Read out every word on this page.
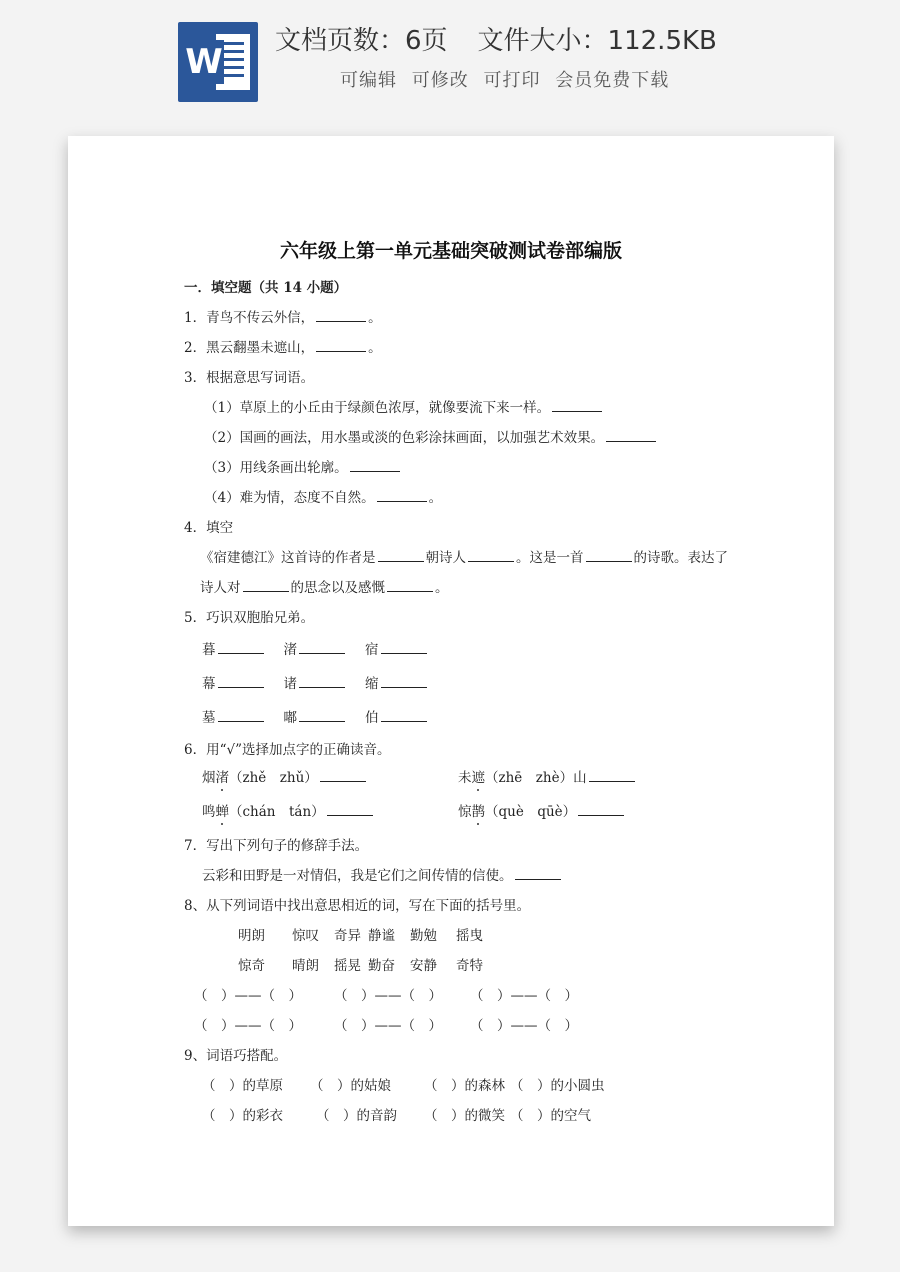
W
文档页数：6页 文件大小：112.5KB
可编辑 可修改 可打印 会员免费下载
六年级上第一单元基础突破测试卷部编版
一．填空题（共 14 小题）
1．青鸟不传云外信，	。
2．黑云翻墨未遮山，	。
3．根据意思写词语。
（1）草原上的小丘由于绿颜色浓厚，就像要流下来一样。
（2）国画的画法，用水墨或淡的色彩涂抹画面，以加强艺术效果。
（3）用线条画出轮廓。
（4）难为情，态度不自然。	。
4．填空
《宿建德江》这首诗的作者是	朝诗人	。这是一首	的诗歌。表达了
诗人对	的思念以及感慨	。
5．巧识双胞胎兄弟。
暮	渚	宿
幕	诸	缩
墓	嘟	伯
6．用“√”选择加点字的正确读音。
烟渚（zhě　zhǔ）	未遮（zhē　zhè）山
鸣蝉（chán　tán）	惊鹊（què　qūè）
7．写出下列句子的修辞手法。
云彩和田野是一对情侣，我是它们之间传情的信使。
8、从下列词语中找出意思相近的词，写在下面的括号里。
明朗 惊叹 奇异 静谧 勤勉 摇曳
惊奇 晴朗 摇晃 勤奋 安静 奇特
（　）——（　） （　）——（　） （　）——（　）
（　）——（　） （　）——（　） （　）——（　）
9、词语巧搭配。
（　）的草原 （　）的姑娘 （　）的森林 （　）的小圆虫
（　）的彩衣 （　）的音韵 （　）的微笑 （　）的空气
